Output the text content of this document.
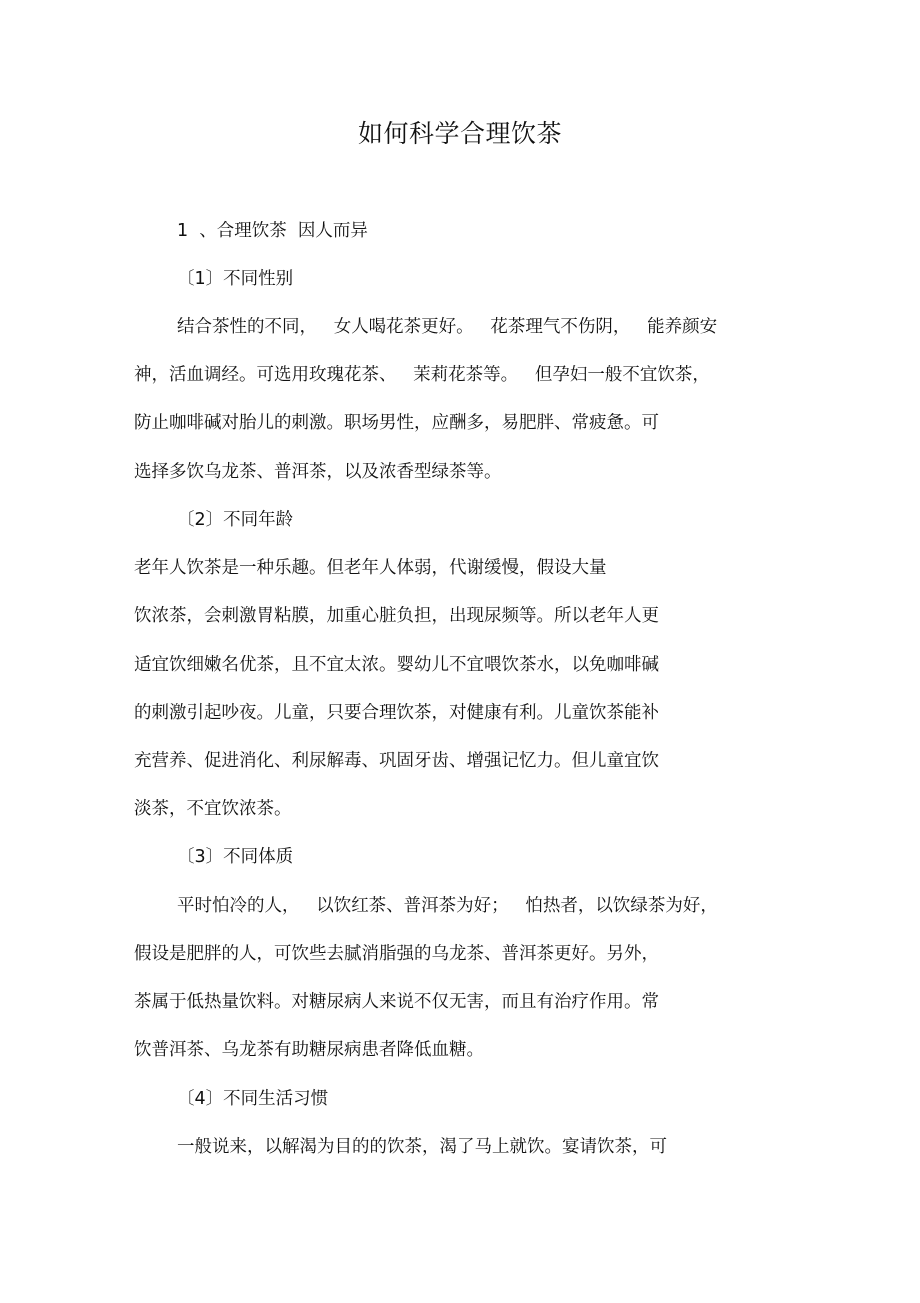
如何科学合理饮茶
1  、合理饮茶  因人而异
〔1〕不同性别
结合茶性的不同，   女人喝花茶更好。   花茶理气不伤阴，   能养颜安
神，活血调经。可选用玫瑰花茶、   茉莉花茶等。   但孕妇一般不宜饮茶，
防止咖啡碱对胎儿的刺激。职场男性，应酬多，易肥胖、常疲惫。可
选择多饮乌龙茶、普洱茶，以及浓香型绿茶等。
〔2〕不同年龄
老年人饮茶是一种乐趣。但老年人体弱，代谢缓慢，假设大量
饮浓茶，会刺激胃粘膜，加重心脏负担，出现尿频等。所以老年人更
适宜饮细嫩名优茶，且不宜太浓。婴幼儿不宜喂饮茶水，以免咖啡碱
的刺激引起吵夜。儿童，只要合理饮茶，对健康有利。儿童饮茶能补
充营养、促进消化、利尿解毒、巩固牙齿、增强记忆力。但儿童宜饮
淡茶，不宜饮浓茶。
〔3〕不同体质
平时怕冷的人，   以饮红茶、普洱茶为好；   怕热者，以饮绿茶为好，
假设是肥胖的人，可饮些去腻消脂强的乌龙茶、普洱茶更好。另外，
茶属于低热量饮料。对糖尿病人来说不仅无害，而且有治疗作用。常
饮普洱茶、乌龙茶有助糖尿病患者降低血糖。
〔4〕不同生活习惯
一般说来，以解渴为目的的饮茶，渴了马上就饮。宴请饮茶，可
